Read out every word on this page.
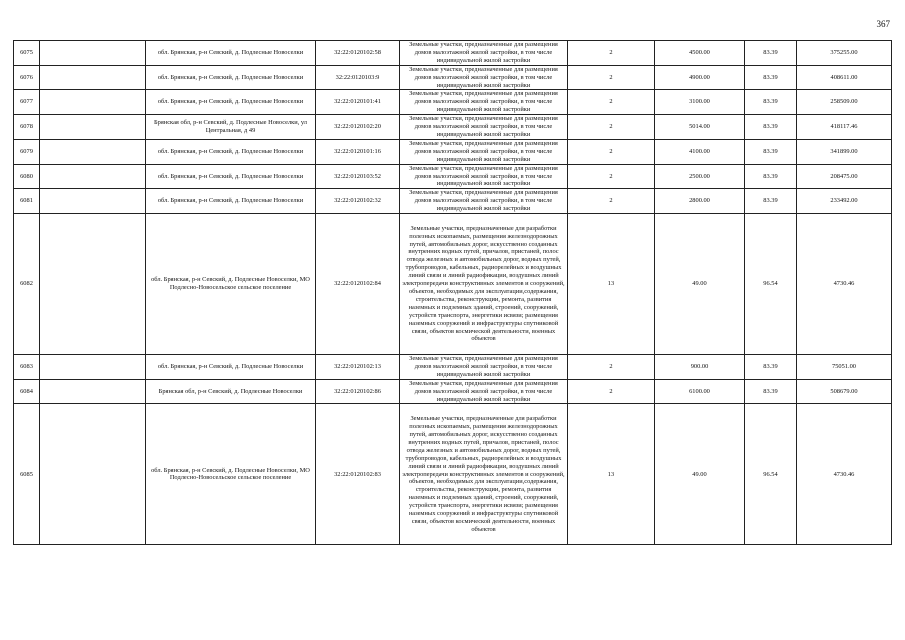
367
6075		обл. Брянская, р-н Севский, д. Подлесные Новоселки	32:22:0120102:58	Земельные участки, предназначенные для размещения домов малоэтажной жилой застройки, в том числе индивидуальной жилой застройки	2	4500.00	83.39	375255.00
6076		обл. Брянская, р-н Севский, д. Подлесные Новоселки	32:22:0120103:9	Земельные участки, предназначенные для размещения домов малоэтажной жилой застройки, в том числе индивидуальной жилой застройки	2	4900.00	83.39	408611.00
6077		обл. Брянская, р-н Севский, д. Подлесные Новоселки	32:22:0120101:41	Земельные участки, предназначенные для размещения домов малоэтажной жилой застройки, в том числе индивидуальной жилой застройки	2	3100.00	83.39	258509.00
6078		Брянская обл, р-н Севский, д. Подлесные Новоселки, ул Центральная, д 49	32:22:0120102:20	Земельные участки, предназначенные для размещения домов малоэтажной жилой застройки, в том числе индивидуальной жилой застройки	2	5014.00	83.39	418117.46
6079		обл. Брянская, р-н Севский, д. Подлесные Новоселки	32:22:0120101:16	Земельные участки, предназначенные для размещения домов малоэтажной жилой застройки, в том числе индивидуальной жилой застройки	2	4100.00	83.39	341899.00
6080		обл. Брянская, р-н Севский, д. Подлесные Новоселки	32:22:0120103:52	Земельные участки, предназначенные для размещения домов малоэтажной жилой застройки, в том числе индивидуальной жилой застройки	2	2500.00	83.39	208475.00
6081		обл. Брянская, р-н Севский, д. Подлесные Новоселки	32:22:0120102:32	Земельные участки, предназначенные для размещения домов малоэтажной жилой застройки, в том числе индивидуальной жилой застройки	2	2800.00	83.39	233492.00
6082		обл. Брянская, р-н Севский, д. Подлесные Новоселки, МО Подлесно-Новосельское сельское поселение	32:22:0120102:84	Земельные участки, предназначенные для разработки полезных ископаемых, размещения железнодорожных путей, автомобильных дорог, искусственно созданных внутренних водных путей, причалов, пристаней, полос отвода железных и автомобильных дорог, водных путей, трубопроводов, кабельных, радиорелейных и воздушных линий связи и линий радиофикации, воздушных линий электропередачи конструктивных элементов и сооружений, объектов, необходимых для эксплуатации,содержания, строительства, реконструкции, ремонта, развития наземных и подземных зданий, строений, сооружений, устройств транспорта, энергетики исвязи; размещения наземных сооружений и инфраструктуры спутниковой связи, объектов космической деятельности, военных объектов	13	49.00	96.54	4730.46
6083		обл. Брянская, р-н Севский, д. Подлесные Новоселки	32:22:0120102:13	Земельные участки, предназначенные для размещения домов малоэтажной жилой застройки, в том числе индивидуальной жилой застройки	2	900.00	83.39	75051.00
6084		Брянская обл, р-н Севский, д. Подлесные Новоселки	32:22:0120102:86	Земельные участки, предназначенные для размещения домов малоэтажной жилой застройки, в том числе индивидуальной жилой застройки	2	6100.00	83.39	508679.00
6085		обл. Брянская, р-н Севский, д. Подлесные Новоселки, МО Подлесно-Новосельское сельское поселение	32:22:0120102:83	Земельные участки, предназначенные для разработки полезных ископаемых, размещения железнодорожных путей, автомобильных дорог, искусственно созданных внутренних водных путей, причалов, пристаней, полос отвода железных и автомобильных дорог, водных путей, трубопроводов, кабельных, радиорелейных и воздушных линий связи и линий радиофикации, воздушных линий электропередачи конструктивных элементов и сооружений, объектов, необходимых для эксплуатации,содержания, строительства, реконструкции, ремонта, развития наземных и подземных зданий, строений, сооружений, устройств транспорта, энергетики исвязи; размещения наземных сооружений и инфраструктуры спутниковой связи, объектов космической деятельности, военных объектов	13	49.00	96.54	4730.46
